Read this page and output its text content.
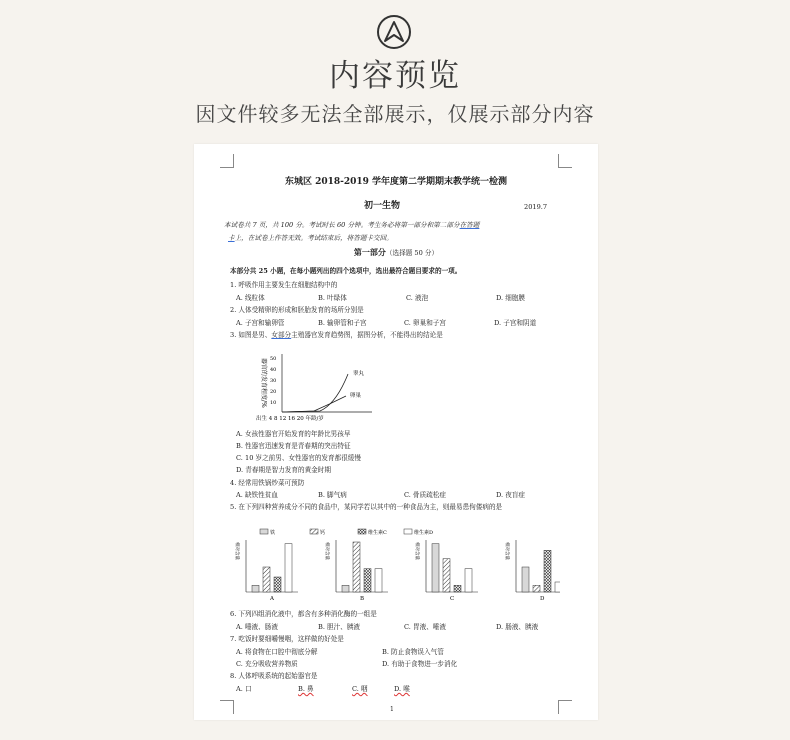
内容预览
因文件较多无法全部展示，仅展示部分内容
东城区 2018-2019 学年度第二学期期末教学统一检测
初一生物	2019.7
本试卷共 7 页，共 100 分。考试时长 60 分钟。考生务必将第一部分和第二部分在答题
卡上，在试卷上作答无效。考试结束后，将答题卡交回。
第一部分（选择题 50 分）
本部分共 25 小题，在每小题列出的四个选项中，选出最符合题目要求的一项。
1. 呼吸作用主要发生在细胞结构中的
A. 线粒体	B. 叶绿体	C. 液泡	D. 细胞膜
2. 人体受精卵的形成和胚胎发育的场所分别是
A. 子宫和输卵管	B. 输卵管和子宫	C. 卵巢和子宫	D. 子宫和阴道
3. 如图是男、女部分主殖器官发育趋势图，据图分析，不能得出的结论是
器官的发育程度/% 50
40
30
20
10
睾丸
卵巢
出生 4 8 12 16 20 年龄/岁
A. 女孩性器官开始发育的年龄比男孩早
B. 性器官迅速发育是青春期的突出特征
C. 10 岁之前男、女性器官的发育都很缓慢
D. 青春期是智力发育的黄金时期
4. 经常用铁锅炒菜可预防
A. 缺铁性贫血	B. 脚气病	C. 骨质疏松症	D. 夜盲症
5. 在下列四种营养成分不同的食品中，某同学若以其中的一种食品为主，则最易患佝偻病的是
铁	钙	维生素C	维生素D
相对含量
A
相对含量
B
相对含量
C
相对含量
D
6. 下列四组消化液中，都含有多种消化酶的一组是
A. 唾液、肠液	B. 胆汁、胰液	C. 胃液、唾液	D. 肠液、胰液
7. 吃饭时要细嚼慢咽，这样做的好处是
A. 将食物在口腔中彻底分解	B. 防止食物误入气管
C. 充分吸收营养物质	D. 有助于食物进一步消化
8. 人体呼吸系统的起始器官是
A. 口	B. 鼻	C. 咽	D. 喉
1
